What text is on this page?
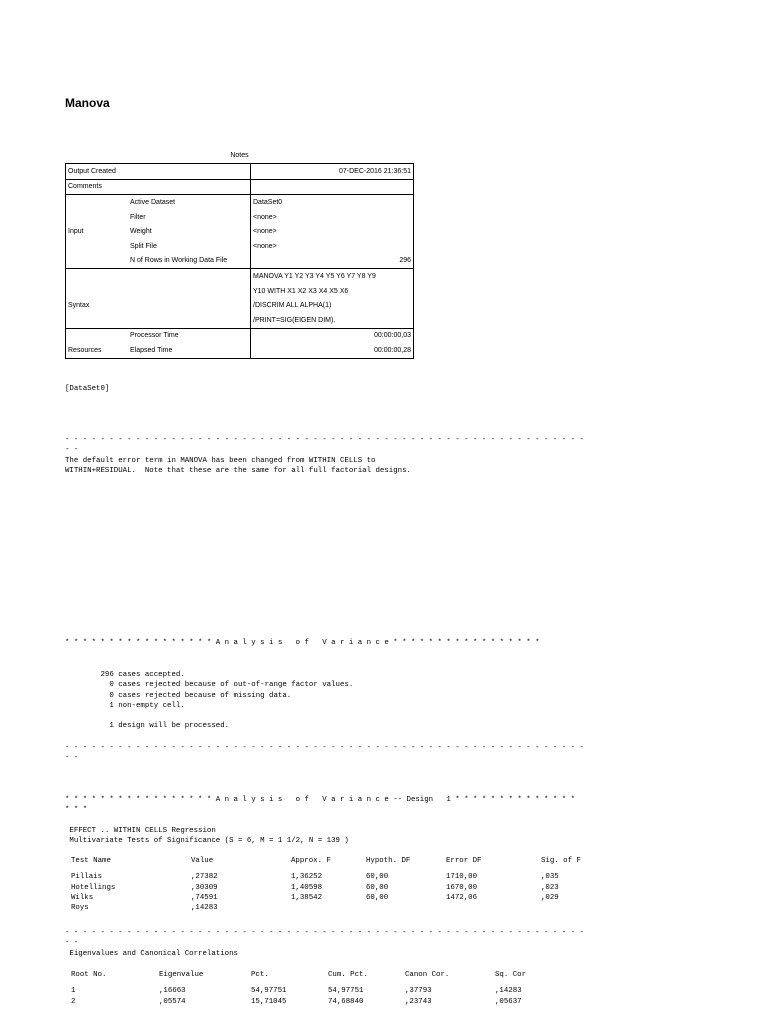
Manova
Notes
Output Created		07-DEC-2016 21:36:51
Comments		
	Active Dataset	DataSet0
	Filter	<none>
Input	Weight	<none>
	Split File	<none>
	N of Rows in Working Data File	296
		MANOVA Y1 Y2 Y3 Y4 Y5 Y6 Y7 Y8 Y9
		Y10 WITH X1 X2 X3 X4 X5 X6
Syntax		/DISCRIM ALL ALPHA(1)
		/PRINT=SIG(EIGEN DIM).
	Processor Time	00:00:00,03
Resources	Elapsed Time	00:00:00,28
[DataSet0]
- - - - - - - - - - - - - - - - - - - - - - - - - - - - - - - - - - - - - - - - - - - - - - - - - - - - - - - - - - -
- -
The default error term in MANOVA has been changed from WITHIN CELLS to
WITHIN+RESIDUAL.  Note that these are the same for all full factorial designs.
* * * * * * * * * * * * * * * * * A n a l y s i s   o f   V a r i a n c e * * * * * * * * * * * * * * * * *
296 cases accepted.
0 cases rejected because of out-of-range factor values.
0 cases rejected because of missing data.
1 non-empty cell.

1 design will be processed.
- - - - - - - - - - - - - - - - - - - - - - - - - - - - - - - - - - - - - - - - - - - - - - - - - - - - - - - - - - -
- -
* * * * * * * * * * * * * * * * * A n a l y s i s   o f   V a r i a n c e -- Design   1 * * * * * * * * * * * * * *
* * *
EFFECT .. WITHIN CELLS Regression
Multivariate Tests of Significance (S = 6, M = 1 1/2, N = 139 )
Test Name	Value	Approx. F	Hypoth. DF	Error DF	Sig. of F

Pillais	,27382	1,36252	60,00	1710,00	,035
Hotellings	,30309	1,40598	60,00	1670,00	,023
Wilks	,74591	1,38542	60,00	1472,06	,029
Roys	,14283				
- - - - - - - - - - - - - - - - - - - - - - - - - - - - - - - - - - - - - - - - - - - - - - - - - - - - - - - - - - -
- -
Eigenvalues and Canonical Correlations
Root No.	Eigenvalue	Pct.	Cum. Pct.	Canon Cor.	Sq. Cor

1	,16663	54,97751	54,97751	,37793	,14283
2	,05574	15,71045	74,68840	,23743	,05637
